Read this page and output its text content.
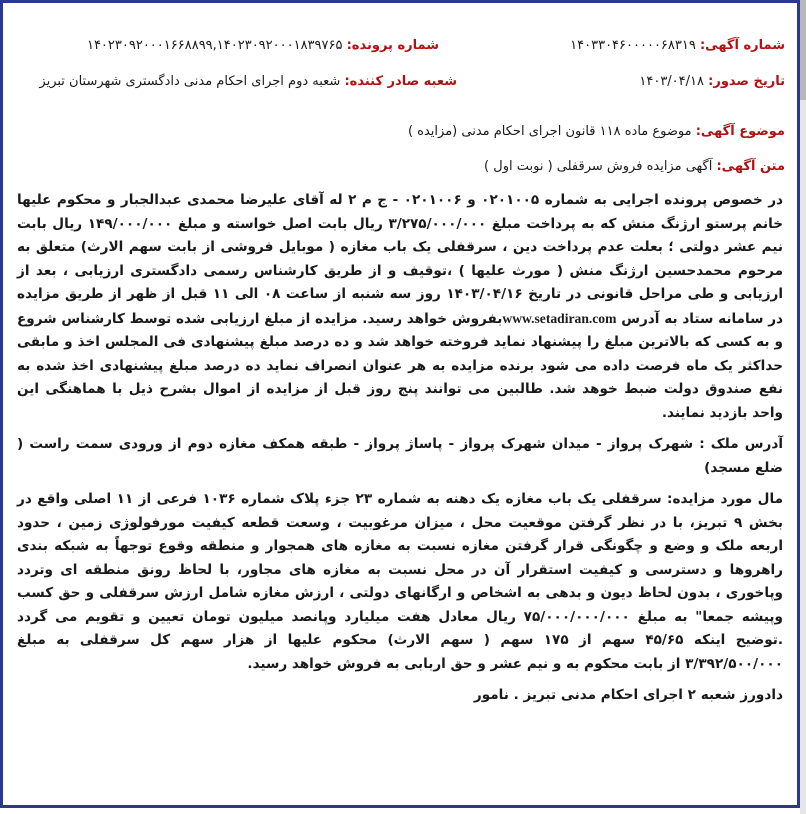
شماره آگهی: ۱۴۰۳۳۰۴۶۰۰۰۰۰۶۸۳۱۹
شماره پرونده: ۱۴۰۲۳۰۹۲۰۰۰۱۶۶۸۸۹۹,۱۴۰۲۳۰۹۲۰۰۰۱۸۳۹۷۶۵
تاریخ صدور: ۱۴۰۳/۰۴/۱۸
شعبه صادر کننده: شعبه دوم اجرای احکام مدنی دادگستری شهرستان تبریز
موضوع آگهی: موضوع ماده ۱۱۸ قانون اجرای احکام مدنی (مزایده )
متن آگهی: آگهی مزایده فروش سرقفلی ( نوبت اول )

در خصوص پرونده اجرایی به شماره ۰۲۰۱۰۰۵ و ۰۲۰۱۰۰۶ - ج م ۲ له آقای علیرضا محمدی عبدالجبار و محکوم علیها خانم پرستو ارژنگ منش که به پرداخت مبلغ ۳/۲۷۵/۰۰۰/۰۰۰ ریال بابت اصل خواسته و مبلغ ۱۴۹/۰۰۰/۰۰۰ ریال بابت نیم عشر دولتی ؛ بعلت عدم پرداخت دین ، سرقفلی یک باب مغازه ( موبایل فروشی از بابت سهم الارث) متعلق به مرحوم محمدحسین ارژنگ منش ( مورث علیها ) ،توقیف و از طریق کارشناس رسمی دادگستری ارزیابی ، بعد از ارزیابی و طی مراحل قانونی در تاریخ ۱۴۰۳/۰۴/۱۶ روز سه شنبه از ساعت ۰۸ الی ۱۱ قبل از ظهر از طریق مزایده در سامانه ستاد به آدرس www.setadiran.comبفروش خواهد رسید. مزایده از مبلغ ارزیابی شده توسط کارشناس شروع و به کسی که بالاترین مبلغ را پیشنهاد نماید فروخته خواهد شد و ده درصد مبلغ پیشنهادی فی المجلس اخذ و مابقی حداکثر یک ماه فرصت داده می شود برنده مزایده به هر عنوان انصراف نماید ده درصد مبلغ پیشنهادی اخذ شده به نفع صندوق دولت ضبط خوهد شد. طالبین می توانند پنج روز قبل از مزایده از اموال بشرح ذیل با هماهنگی این واحد بازدید نمایند.

آدرس ملک : شهرک پرواز - میدان شهرک پرواز - پاساژ پرواز - طبقه همکف مغازه دوم از ورودی سمت راست ( ضلع مسجد)

مال مورد مزایده: سرقفلی یک باب مغازه یک دهنه به شماره ۲۳ جزء پلاک شماره ۱۰۳۶ فرعی از ۱۱ اصلی واقع در بخش ۹ تبریز، با در نظر گرفتن موقعیت محل ، میزان مرغوبیت ، وسعت قطعه کیفیت مورفولوژی زمین ، حدود اربعه ملک و وضع و چگونگی قرار گرفتن مغازه نسبت به مغازه های همجوار و منطقه وقوع توجهاً به شبکه بندی راهروها و دسترسی و کیفیت استقرار آن در محل نسبت به مغازه های مجاور، با لحاظ رونق منطقه ای وتردد وپاخوری ، بدون لحاظ دیون و بدهی به اشخاص و ارگانهای دولتی ، ارزش مغازه شامل ارزش سرقفلی و حق کسب وپیشه جمعا" به مبلغ ۷۵/۰۰۰/۰۰۰/۰۰۰ ریال معادل هفت میلیارد وپانصد میلیون تومان تعیین و تقویم می گردد .توضیح اینکه ۴۵/۶۵ سهم از ۱۷۵ سهم ( سهم الارث) محکوم علیها از هزار سهم کل سرقفلی به مبلغ ۳/۳۹۲/۵۰۰/۰۰۰ از بابت محکوم به و نیم عشر و حق اربابی به فروش خواهد رسید.

دادورز شعبه ۲ اجرای احکام مدنی تبریز . نامور
